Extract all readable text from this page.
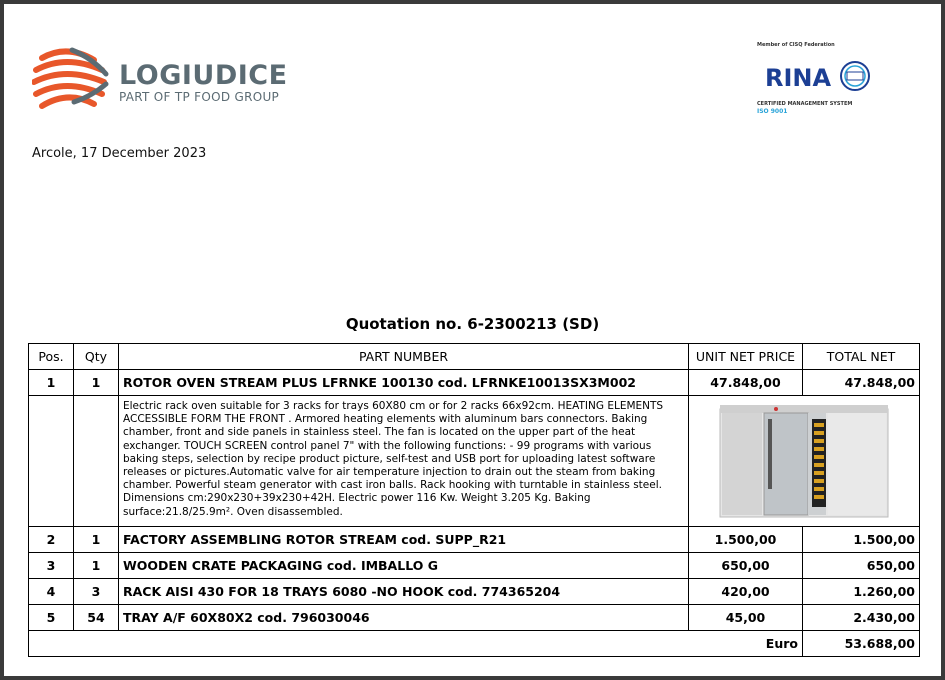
LOGIUDICE
PART OF TP FOOD GROUP
Member of CISQ Federation
RINA
CERTIFIED MANAGEMENT SYSTEM
ISO 9001
Arcole, 17 December 2023
Quotation no. 6-2300213 (SD)
Pos.	Qty	PART NUMBER	UNIT NET PRICE	TOTAL NET
1	1	ROTOR OVEN STREAM PLUS LFRNKE 100130 cod. LFRNKE10013SX3M002	47.848,00	47.848,00
		Electric rack oven suitable for 3 racks for trays 60X80 cm or for 2 racks 66x92cm. HEATING ELEMENTS ACCESSIBLE FORM THE FRONT . Armored heating elements with aluminum bars connectors. Baking chamber, front and side panels in stainless steel. The fan is located on the upper part of the heat exchanger. TOUCH SCREEN control panel 7" with the following functions: - 99 programs with various baking steps, selection by recipe product picture, self-test and USB port for uploading latest software releases or pictures.Automatic valve for air temperature injection to drain out the steam from baking chamber. Powerful steam generator with cast iron balls. Rack hooking with turntable in stainless steel. Dimensions cm:290x230+39x230+42H. Electric power 116 Kw. Weight 3.205 Kg. Baking surface:21.8/25.9m². Oven disassembled.	
2	1	FACTORY ASSEMBLING ROTOR STREAM cod. SUPP_R21	1.500,00	1.500,00
3	1	WOODEN CRATE PACKAGING cod. IMBALLO G	650,00	650,00
4	3	RACK AISI 430 FOR 18 TRAYS 6080 -NO HOOK cod. 774365204	420,00	1.260,00
5	54	TRAY A/F 60X80X2 cod. 796030046	45,00	2.430,00
Euro				53.688,00
